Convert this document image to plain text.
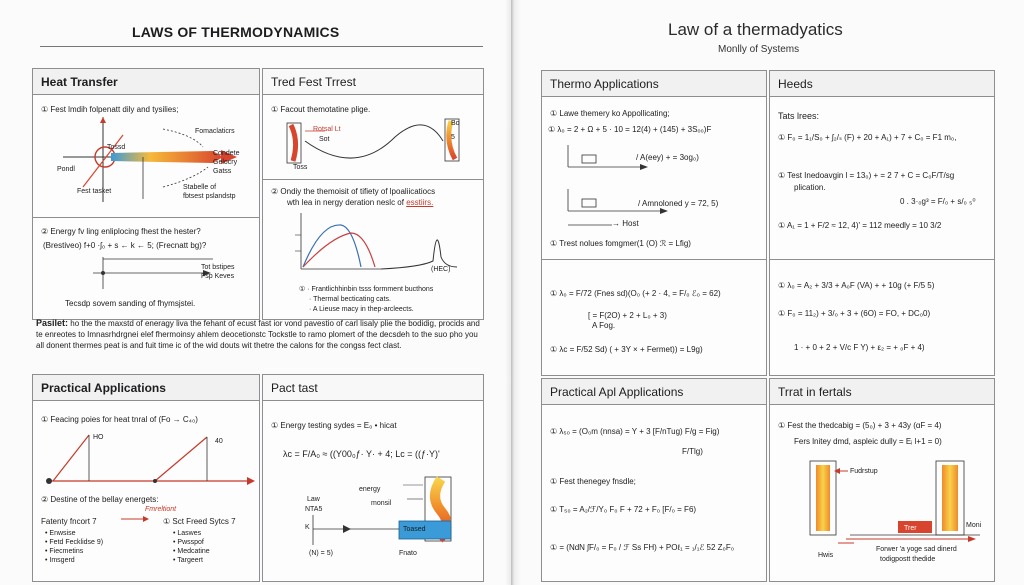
LAWS OF THERMODYNAMICS	Law of a thermadyatics
Monlly of Systems
Heat Transfer
① Fest lmdih folpenatt dily and tysilies;
Tossd
Fomaclaticrs
Pondl
Condete
Gelocry
Gatss
Fest tasket
Stabelle of
fbtsest pslandstp
② Energy fv ling enliplocing fhest the hester?
(Brestiveo) f+0 ·ʃ₀ + s ← k ← 5; (Frecnatt bg)?
Tot bstipes
Fsp Keves
Tecsdp sovem sanding of fhymsjstei.
Tred Fest Trrest
① Facout themotatine plige.
Rotsal Lt
Sot
Toss
Bo
5
② Ondiy the themoisit of tifiety of lpoaliicatiocs
wth lea in nergy deration neslc of esstiirs.
(HEC)
① · Frantlichhinbin tsss formment bucthons
· Thermal becticating cats.
· A Lieuse macy in thep-arcleects.
Pasilet: ho the the maxstd of eneragy liva the fehant of ecust fast ior vond pavestio of carl lisaly plie the bodidig, procids and te enreotes to Imnasrhdrgnei elef fhermoinsy ahlem deocetionstc Tockstle to ramo plomert of the decsdeh to the suo pho you all donent thermes peat is and fuit time ic of the wid douts wit thetre the calons for the congss fect clast.
Practical Applications
① Feacing poies for heat tnral of (Fo → C₄₀)
HO
40
② Destine of the bellay energets:
Fmreltiont
Fatenty fncort 7
• Enwsise
• Fetd Fecklidse 9)
• Fiecmetins
• Imsgerd
① Sct Freed Sytcs 7
• Laswes
• Pwsspof
• Medcatine
• Targeert
Pact tast
① Energy testing sydes = E₀ • hicat
λc = F/A₀ ≈ ((Y00₀ƒ· Y· + 4; Lc = ((ƒ·Y)'
Law
NTA5
K
energy
monsil
Toased
Fnato
(N) = 5)
Thermo Applications
① Lawe themery ko Appollicating;
① λ₀ = 2 + Ω + 5 · 10 = 12(4) + (145) + 3Sₒ₀)F
/ A(eey) + = 3og₀)
/ Amnoloned y = 72, 5)
→ Host
① Trest nolues fomgmer(1 (O) ℛ = Lfig)
① λ₀ = F/72 (Fnes sd)(O₀ (+ 2 · 4, = F/₀ ℰ₀ = 62)
[ = F(2O) + 2 + L₀ + 3)
A Fog.
① λc = F/52 Sd) ( + 3Y × + Fermet)) = L9g)
Heeds
Tats lrees:
① F₀ = 1₁/S₀ + ʃ₂/ₛ (F) + 20 + A₁) + 7 + C₀ = F1 m₀,
① Test Inedoavgin l = 13₀) + = 2 7 + C = C₀F/T/sg
plication.
0 . 3·₀g³ = F/₀ + s/₀ ₅⁰
① A₁ = 1 + F/2 ≈ 12, 4)' = 112 meedly = 10 3/2
① λ₀ = A₂ + 3/3 + A₀F (VA) + + 10g (+ F/5 5)
① F₀ = 11₂) + 3/₀ + 3 + (6O) = FO, + DC₀0)
1 · + 0 + 2 + V/c F Y) + ε₂ = + ₀F + 4)
Practical Apl Applications
① λ₅₀ = (O₀m (nnsa) = Y + 3 [F/nTug) F/g = Fig)
F/Tlg)
① Fest thenegey fnsdle;
① T₅₀ = A₂/ℱ/Y₀ F₀ F + 72 + F₀ [F/₀ = F6)
① = (NdN ʃF/₀ = F₀ / ℱ Ss FH) + POℓ₁ = ₁/₁ℰ 52 Z₀F₀
Trrat in fertals
① Fest the thedcabig = (5₀) + 3 + 43y (ɑF = 4)
Fers lnitey dmd, aspleic dully = Eᵢ l+1 = 0)
Fudrstup
Trer	Moni
Hwis
Forwer 'a yoge sad dinerd
todigpostt thedide
